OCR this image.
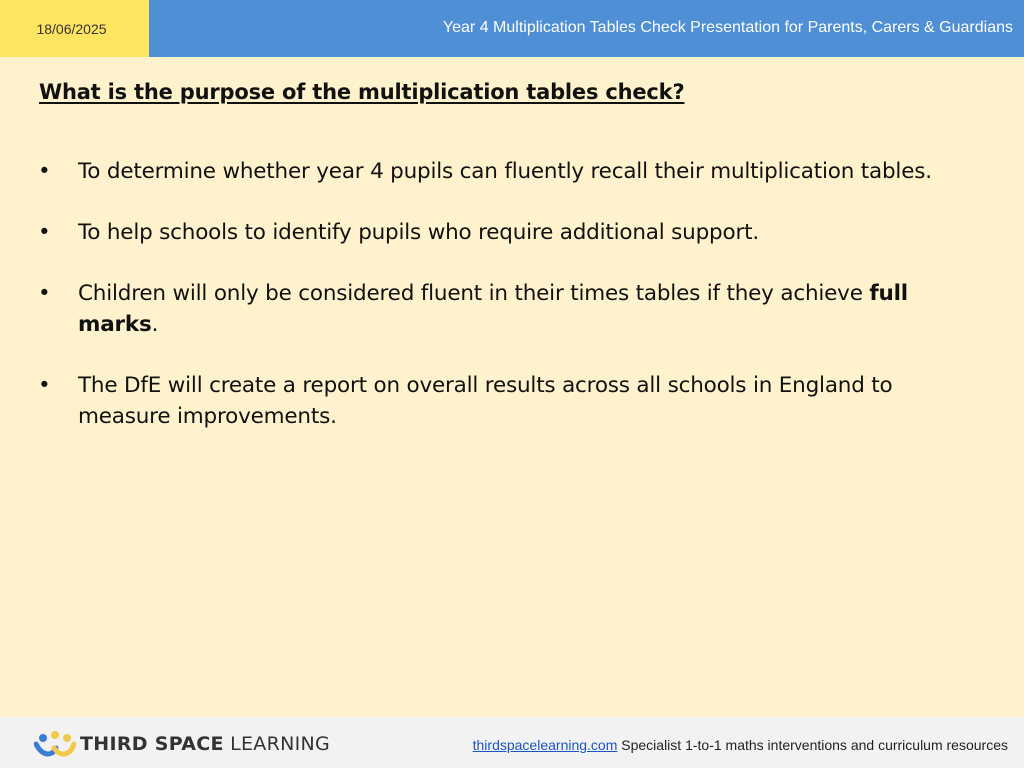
18/06/2025	Year 4 Multiplication Tables Check Presentation for Parents, Carers & Guardians
What is the purpose of the multiplication tables check?
•	To determine whether year 4 pupils can fluently recall their multiplication tables.
•	To help schools to identify pupils who require additional support.
•	Children will only be considered fluent in their times tables if they achieve full marks.
•	The DfE will create a report on overall results across all schools in England to measure improvements.
THIRD SPACE LEARNING	thirdspacelearning.com Specialist 1-to-1 maths interventions and curriculum resources
